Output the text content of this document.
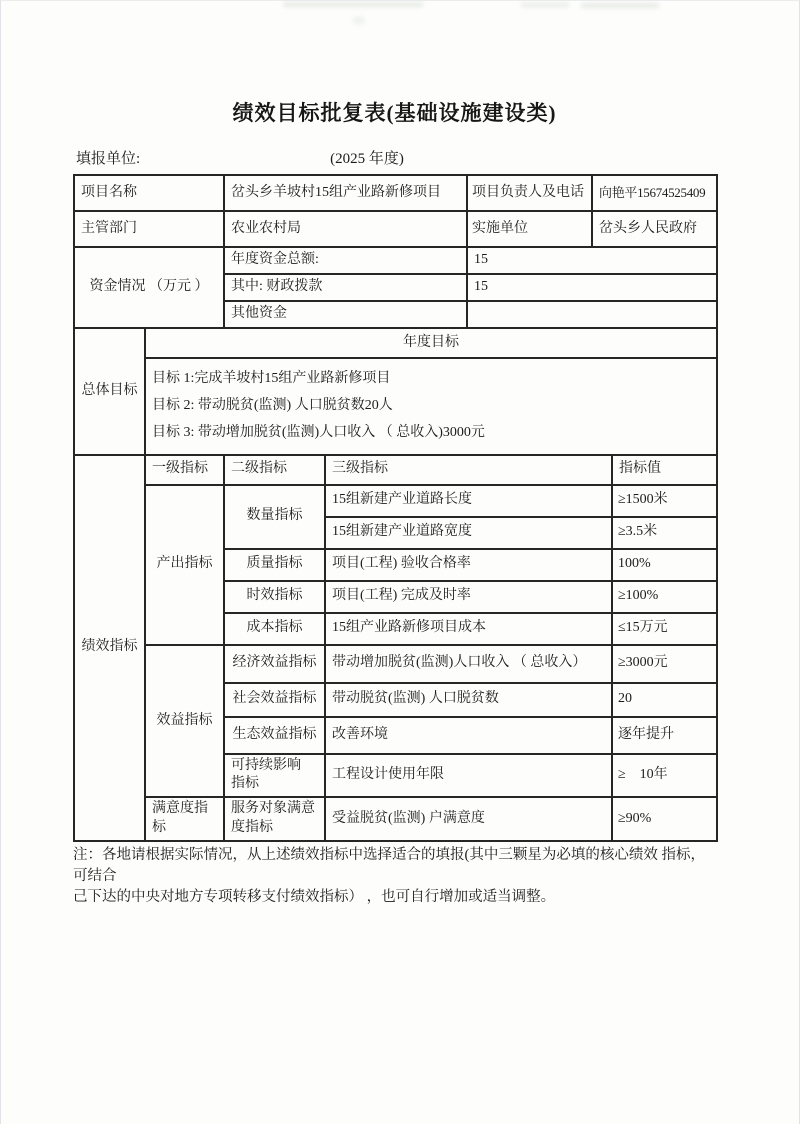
绩效目标批复表(基础设施建设类)
填报单位:	(2025 年度)
项目名称		岔头乡羊坡村15组产业路新修项目		项目负责人及电话	向艳平15674525409	
主管部门		农业农村局		实施单位	岔头乡人民政府	
资金情况 （万元 ）		年度资金总额:		15		
		其中: 财政拨款		15		
		其他资金				
总体目标	年度目标					

	目标 1:完成羊坡村15组产业路新修项目
目标 2: 带动脱贫(监测) 人口脱贫数20人
目标 3: 带动增加脱贫(监测)人口收入 （ 总收入)3000元					

绩效指标	一级指标	二级指标	三级指标			指标值
	产出指标	数量指标	15组新建产业道路长度			≥1500米
			15组新建产业道路宽度			≥3.5米
		质量指标	项目(工程) 验收合格率			100%
		时效指标	项目(工程) 完成及时率			≥100%
		成本指标	15组产业路新修项目成本			≤15万元
	效益指标	经济效益指标	带动增加脱贫(监测)人口收入 （ 总收入）			≥3000元
		社会效益指标	带动脱贫(监测) 人口脱贫数			20
		生态效益指标	改善环境			逐年提升
		可持续影响　指标	工程设计使用年限			≥　10年
	满意度指标	服务对象满意度指标	受益脱贫(监测) 户满意度			≥90%
注：各地请根据实际情况，从上述绩效指标中选择适合的填报(其中三颗星为必填的核心绩效 指标，可结合
己下达的中央对地方专项转移支付绩效指标） ，也可自行增加或适当调整。
